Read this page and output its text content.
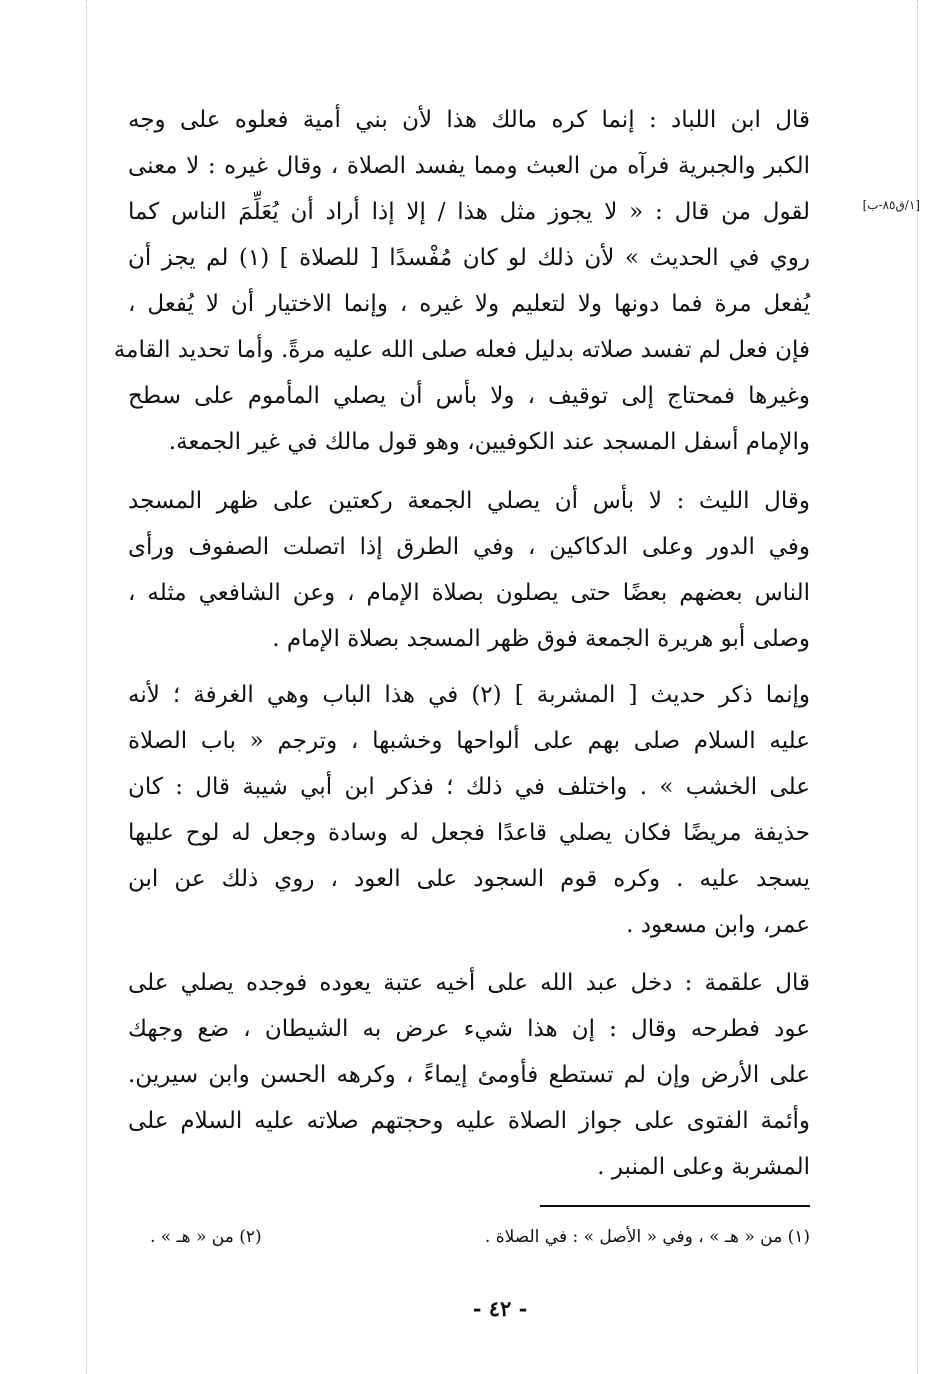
[١/ق٨٥-ب]
قال ابن اللباد : إنما كره مالك هذا لأن بني أمية فعلوه على وجه
الكبر والجبرية فرآه من العبث ومما يفسد الصلاة ، وقال غيره : لا معنى
لقول من قال : « لا يجوز مثل هذا / إلا إذا أراد أن يُعَلِّمَ الناس كما
روي في الحديث » لأن ذلك لو كان مُفْسدًا [ للصلاة ] (١) لم يجز أن
يُفعل مرة فما دونها ولا لتعليم ولا غيره ، وإنما الاختيار أن لا يُفعل ،
فإن فعل لم تفسد صلاته بدليل فعله صلى الله عليه مرةً. وأما تحديد القامة
وغيرها فمحتاج إلى توقيف ، ولا بأس أن يصلي المأموم على سطح
والإمام أسفل المسجد عند الكوفيين، وهو قول مالك في غير الجمعة.
وقال الليث : لا بأس أن يصلي الجمعة ركعتين على ظهر المسجد
وفي الدور وعلى الدكاكين ، وفي الطرق إذا اتصلت الصفوف ورأى
الناس بعضهم بعضًا حتى يصلون بصلاة الإمام ، وعن الشافعي مثله ،
وصلى أبو هريرة الجمعة فوق ظهر المسجد بصلاة الإمام .
وإنما ذكر حديث [ المشربة ] (٢) في هذا الباب وهي الغرفة ؛ لأنه
عليه السلام صلى بهم على ألواحها وخشبها ، وترجم « باب الصلاة
على الخشب » . واختلف في ذلك ؛ فذكر ابن أبي شيبة قال : كان
حذيفة مريضًا فكان يصلي قاعدًا فجعل له وسادة وجعل له لوح عليها
يسجد عليه . وكره قوم السجود على العود ، روي ذلك عن ابن
عمر، وابن مسعود .
قال علقمة : دخل عبد الله على أخيه عتبة يعوده فوجده يصلي على
عود فطرحه وقال : إن هذا شيء عرض به الشيطان ، ضع وجهك
على الأرض وإن لم تستطع فأومئ إيماءً ، وكرهه الحسن وابن سيرين.
وأئمة الفتوى على جواز الصلاة عليه وحجتهم صلاته عليه السلام على
المشربة وعلى المنبر .
(١) من « هـ » ، وفي « الأصل » : في الصلاة .
(٢) من « هـ » .
- ٤٢ -
